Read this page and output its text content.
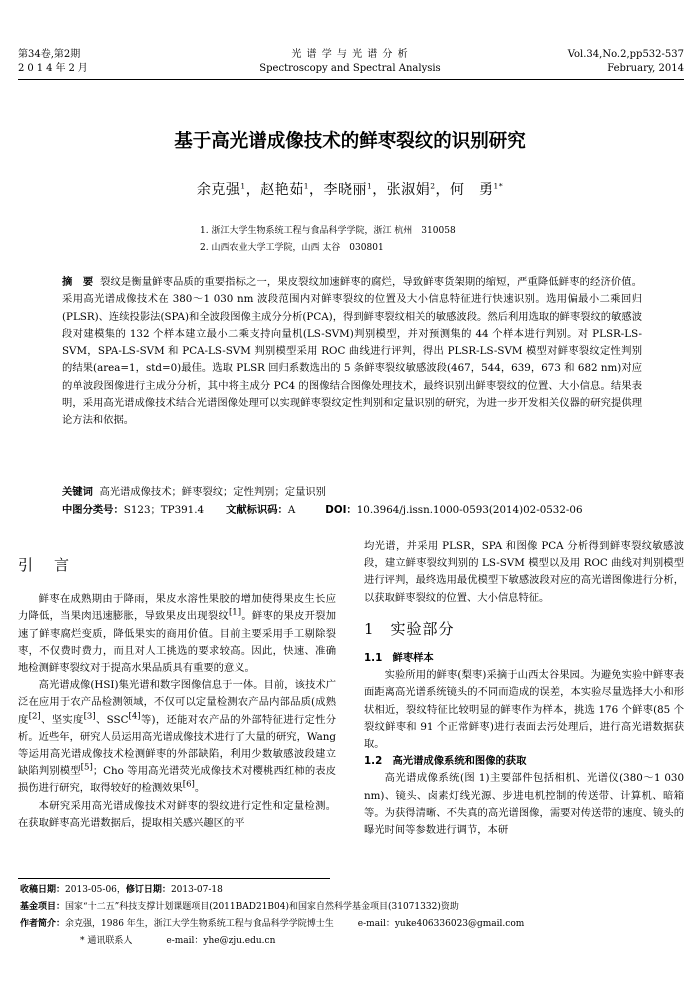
第34卷,第2期
2014年2月
光 谱 学 与 光 谱 分 析
Spectroscopy and Spectral Analysis
Vol.34,No.2,pp532-537
February, 2014
基于高光谱成像技术的鲜枣裂纹的识别研究
余克强$^1$，赵艳茹$^1$，李晓丽$^1$，张淑娟$^2$，何　勇$^{1*}$
1. 浙江大学生物系统工程与食品科学学院，浙江 杭州　310058
2. 山西农业大学工学院，山西 太谷　030801
摘　要 裂纹是衡量鲜枣品质的重要指标之一，果皮裂纹加速鲜枣的腐烂，导致鲜枣货架期的缩短，严重降低鲜枣的经济价值。采用高光谱成像技术在 380～1 030 nm 波段范围内对鲜枣裂纹的位置及大小信息特征进行快速识别。选用偏最小二乘回归(PLSR)、连续投影法(SPA)和全波段图像主成分分析(PCA)，得到鲜枣裂纹相关的敏感波段。然后利用选取的鲜枣裂纹的敏感波段对建模集的 132 个样本建立最小二乘支持向量机(LS-SVM)判别模型，并对预测集的 44 个样本进行判别。对 PLSR-LS-SVM，SPA-LS-SVM 和 PCA-LS-SVM 判别模型采用 ROC 曲线进行评判，得出 PLSR-LS-SVM 模型对鲜枣裂纹定性判别的结果(area=1，std=0)最佳。选取 PLSR 回归系数选出的 5 条鲜枣裂纹敏感波段(467，544，639，673 和 682 nm)对应的单波段图像进行主成分分析，其中将主成分 PC4 的图像结合图像处理技术，最终识别出鲜枣裂纹的位置、大小信息。结果表明，采用高光谱成像技术结合光谱图像处理可以实现鲜枣裂纹定性判别和定量识别的研究，为进一步开发相关仪器的研究提供理论方法和依据。
关键词 高光谱成像技术；鲜枣裂纹；定性判别；定量识别
中图分类号：S123；TP391.4 文献标识码：A	DOI：10.3964/j.issn.1000-0593(2014)02-0532-06
引　言

鲜枣在成熟期由于降雨，果皮水溶性果胶的增加使得果皮生长应力降低，当果肉迅速膨胀，导致果皮出现裂纹[1]。鲜枣的果皮开裂加速了鲜枣腐烂变质，降低果实的商用价值。目前主要采用手工剔除裂枣，不仅费时费力，而且对人工挑选的要求较高。因此，快速、准确地检测鲜枣裂纹对于提高水果品质具有重要的意义。

高光谱成像(HSI)集光谱和数字图像信息于一体。目前，该技术广泛在应用于农产品检测领域，不仅可以定量检测农产品内部品质(成熟度[2]、坚实度[3]、SSC[4]等)，还能对农产品的外部特征进行定性分析。近些年，研究人员运用高光谱成像技术进行了大量的研究，Wang 等运用高光谱成像技术检测鲜枣的外部缺陷，利用少数敏感波段建立缺陷判别模型[5]；Cho 等用高光谱荧光成像技术对樱桃西红柿的表皮损伤进行研究，取得较好的检测效果[6]。

本研究采用高光谱成像技术对鲜枣的裂纹进行定性和定量检测。在获取鲜枣高光谱数据后，提取相关感兴趣区的平

均光谱，并采用 PLSR，SPA 和图像 PCA 分析得到鲜枣裂纹敏感波段，建立鲜枣裂纹判别的 LS-SVM 模型以及用 ROC 曲线对判别模型进行评判，最终选用最优模型下敏感波段对应的高光谱图像进行分析，以获取鲜枣裂纹的位置、大小信息特征。

1　实验部分
1.1　鲜枣样本

实验所用的鲜枣(梨枣)采摘于山西太谷果园。为避免实验中鲜枣表面距离高光谱系统镜头的不同而造成的误差，本实验尽量选择大小和形状相近，裂纹特征比较明显的鲜枣作为样本，挑选 176 个鲜枣(85 个裂纹鲜枣和 91 个正常鲜枣)进行表面去污处理后，进行高光谱数据获取。

1.2　高光谱成像系统和图像的获取

高光谱成像系统(图 1)主要部件包括相机、光谱仪(380～1 030 nm)、镜头、卤素灯线光源、步进电机控制的传送带、计算机、暗箱等。为获得清晰、不失真的高光谱图像，需要对传送带的速度、镜头的曝光时间等参数进行调节，本研

收稿日期：2013-05-06，修订日期：2013-07-18
基金项目：国家“十二五”科技支撑计划课题项目(2011BAD21B04)和国家自然科学基金项目(31071332)资助
作者简介：余克强，1986 年生，浙江大学生物系统工程与食品科学学院博士生	e-mail：yuke406336023@gmail.com
* 通讯联系人	e-mail：yhe@zju.edu.cn
